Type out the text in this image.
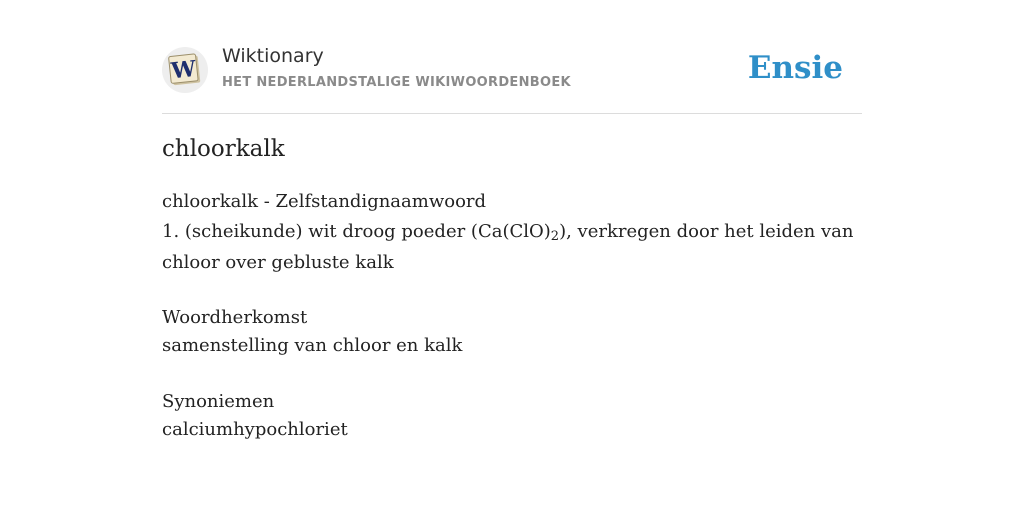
W Wiktionary
HET NEDERLANDSTALIGE WIKIWOORDENBOEK	Ensie
chloorkalk

chloorkalk - Zelfstandignaamwoord

1. (scheikunde) wit droog poeder $(Ca(ClO)_2)$, verkregen door het leiden van chloor over gebluste kalk

Woordherkomst

samenstelling van chloor en kalk

Synoniemen

calciumhypochloriet
